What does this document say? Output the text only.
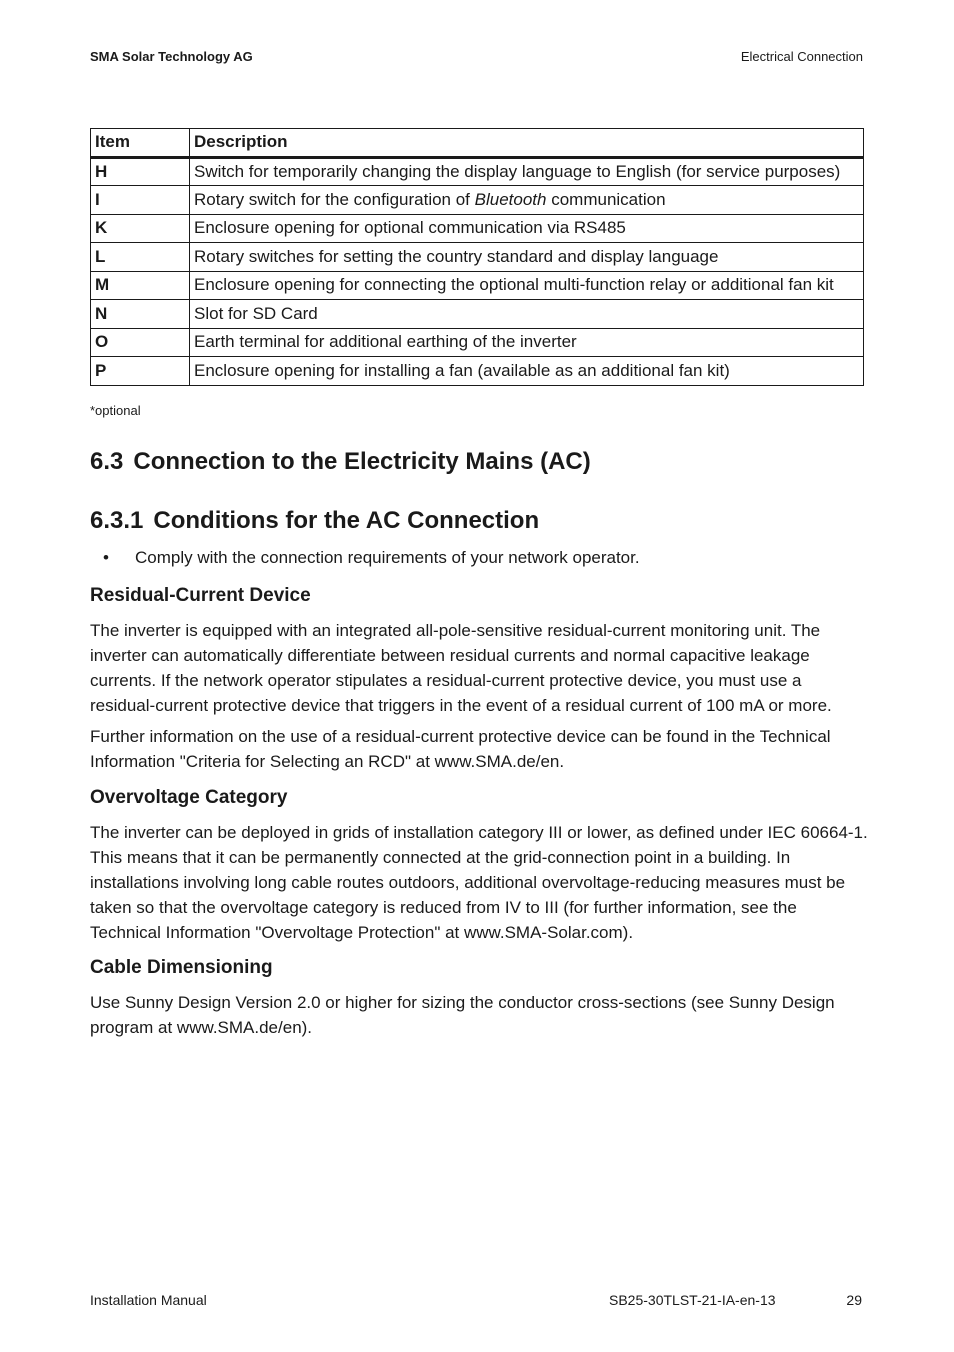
SMA Solar Technology AG	Electrical Connection
Item	Description
H	Switch for temporarily changing the display language to English (for service purposes)
I	Rotary switch for the configuration of Bluetooth communication
K	Enclosure opening for optional communication via RS485
L	Rotary switches for setting the country standard and display language
M	Enclosure opening for connecting the optional multi-function relay or additional fan kit
N	Slot for SD Card
O	Earth terminal for additional earthing of the inverter
P	Enclosure opening for installing a fan (available as an additional fan kit)
*optional
6.3 Connection to the Electricity Mains (AC)
6.3.1 Conditions for the AC Connection
• Comply with the connection requirements of your network operator.
Residual-Current Device

The inverter is equipped with an integrated all-pole-sensitive residual-current monitoring unit. The inverter can automatically differentiate between residual currents and normal capacitive leakage currents. If the network operator stipulates a residual-current protective device, you must use a residual-current protective device that triggers in the event of a residual current of 100 mA or more.

Further information on the use of a residual-current protective device can be found in the Technical Information "Criteria for Selecting an RCD" at www.SMA.de/en.

Overvoltage Category

The inverter can be deployed in grids of installation category III or lower, as defined under IEC 60664-1. This means that it can be permanently connected at the grid-connection point in a building. In installations involving long cable routes outdoors, additional overvoltage-reducing measures must be taken so that the overvoltage category is reduced from IV to III (for further information, see the Technical Information "Overvoltage Protection" at www.SMA-Solar.com).

Cable Dimensioning

Use Sunny Design Version 2.0 or higher for sizing the conductor cross-sections (see Sunny Design program at www.SMA.de/en).

Installation Manual	SB25-30TLST-21-IA-en-13	29
